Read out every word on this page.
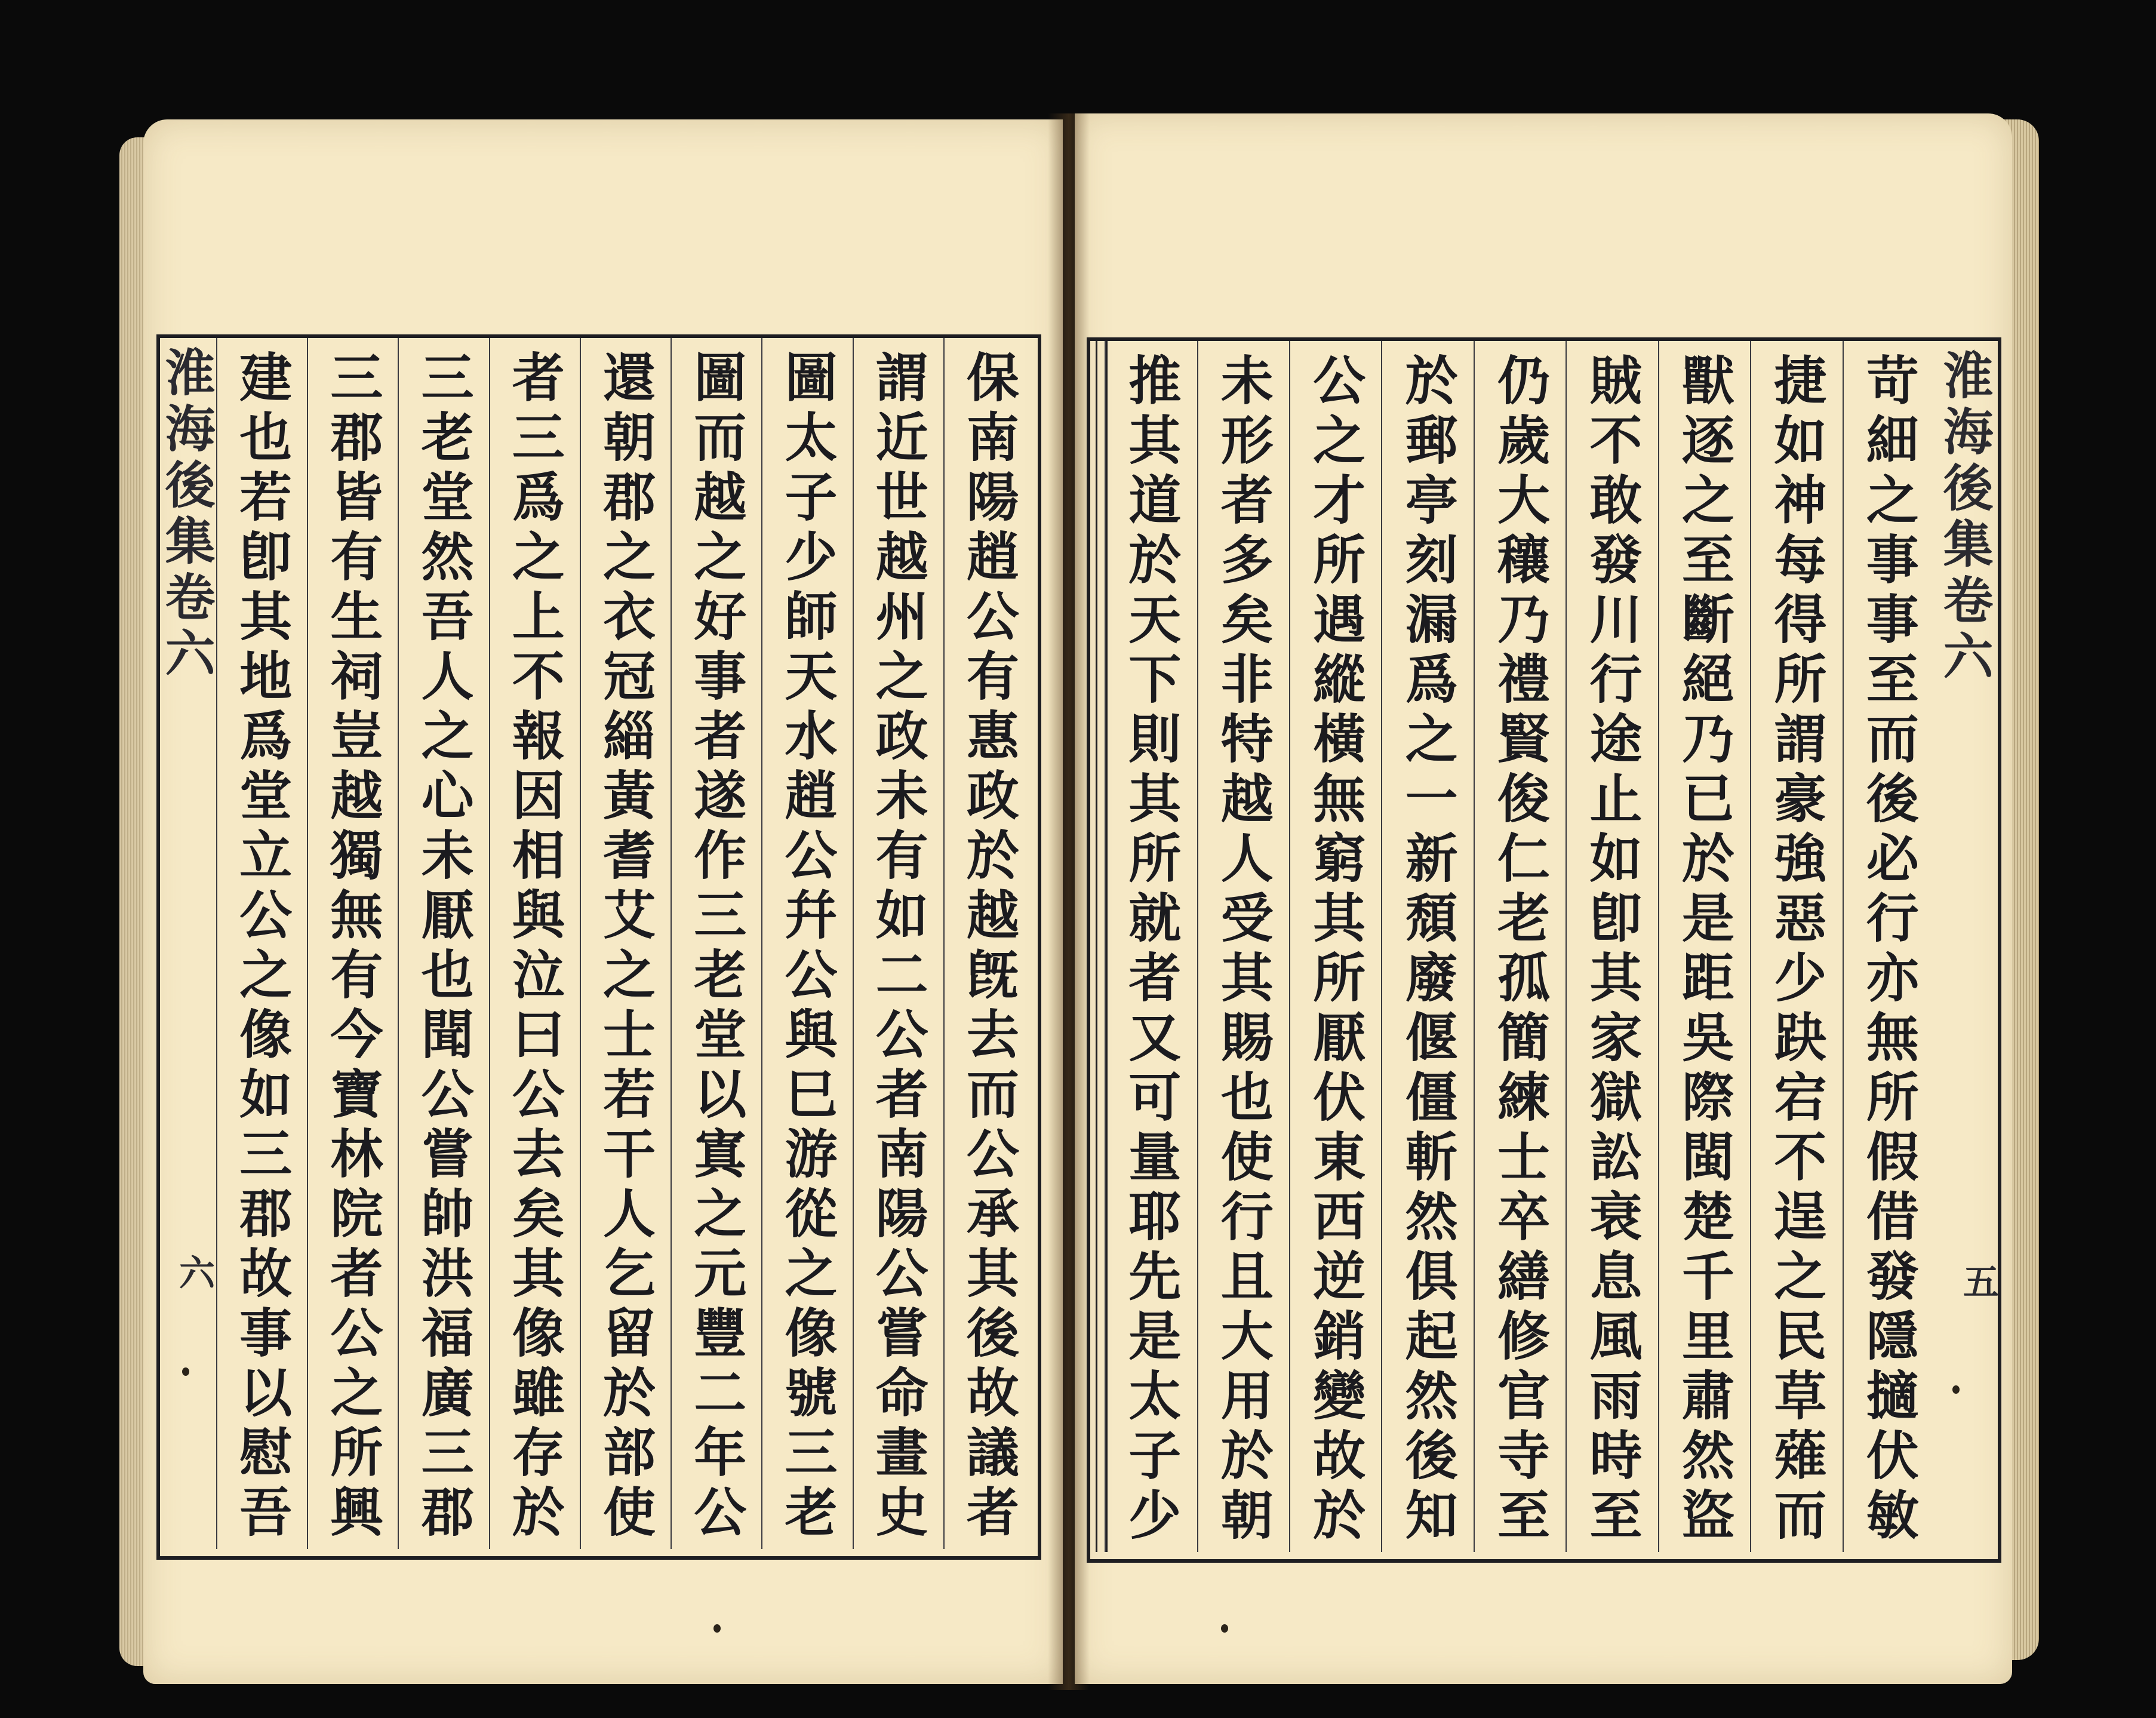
淮海後集卷六
六	保南陽趙公有惠政於越旣去而公承其後故議者
謂近世越州之政未有如二公者南陽公嘗命畫史
圖太子少師天水趙公幷公與巳游從之像號三老
圖而越之好事者遂作三老堂以寘之元豐二年公
還朝郡之衣冠緇黃耆艾之士若干人乞留於部使
者三爲之上不報因相與泣曰公去矣其像雖存於
三老堂然吾人之心未厭也聞公嘗帥洪福廣三郡
三郡皆有生祠豈越獨無有今寶林院者公之所興
建也若卽其地爲堂立公之像如三郡故事以慰吾	淮海後集卷六
五
苛細之事事至而後必行亦無所假借發隱擿伏敏
捷如神每得所謂豪強惡少趹宕不逞之民草薙而
獸逐之至斷絕乃已於是距吳際閩楚千里肅然盜
賊不敢發川行途止如卽其家獄訟衰息風雨時至
仍歲大穰乃禮賢俊仁老孤簡練士卒繕修官寺至
於郵亭刻漏爲之一新頹廢偃僵斬然俱起然後知
公之才所遇縱橫無窮其所厭伏東西逆銷變故於
未形者多矣非特越人受其賜也使行且大用於朝
推其道於天下則其所就者又可量耶先是太子少
